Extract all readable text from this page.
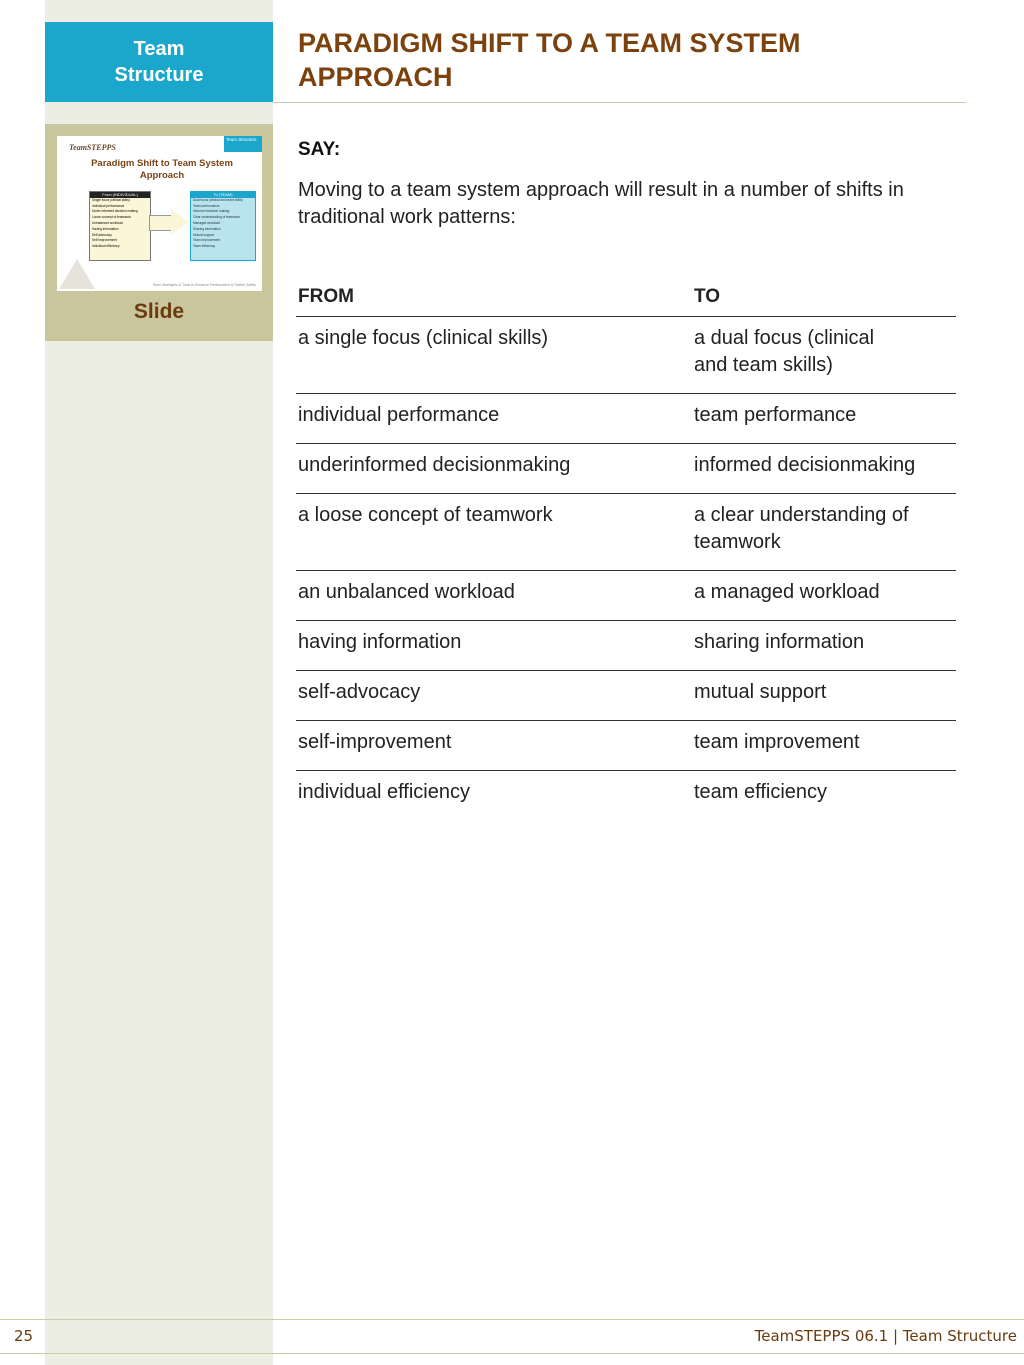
Team Structure
TeamSTEPPS
Team Structure
Paradigm Shift to Team System Approach
From (INDIVIDUAL)
Single focus (clinical skills)
Individual performance
Under informed decision making
Loose concept of teamwork
Unbalanced workload
Having information
Self advocacy
Self improvement
Individual efficiency
To (TEAM)
Dual focus (clinical and team skills)
Team performance
Informed decision making
Clear understanding of teamwork
Managed workload
Sharing information
Mutual support
Team improvement
Team efficiency
Team Strategies & Tools to Enhance Performance & Patient Safety
Slide
PARADIGM SHIFT TO A TEAM SYSTEM APPROACH
SAY:
Moving to a team system approach will result in a number of shifts in traditional work patterns:
FROM	TO
a single focus (clinical skills)	a dual focus (clinical
and team skills)
individual performance	team performance
underinformed decisionmaking	informed decisionmaking
a loose concept of teamwork	a clear understanding of teamwork
an unbalanced workload	a managed workload
having information	sharing information
self-advocacy	mutual support
self-improvement	team improvement
individual efficiency	team efficiency
25	TeamSTEPPS 06.1 | Team Structure
